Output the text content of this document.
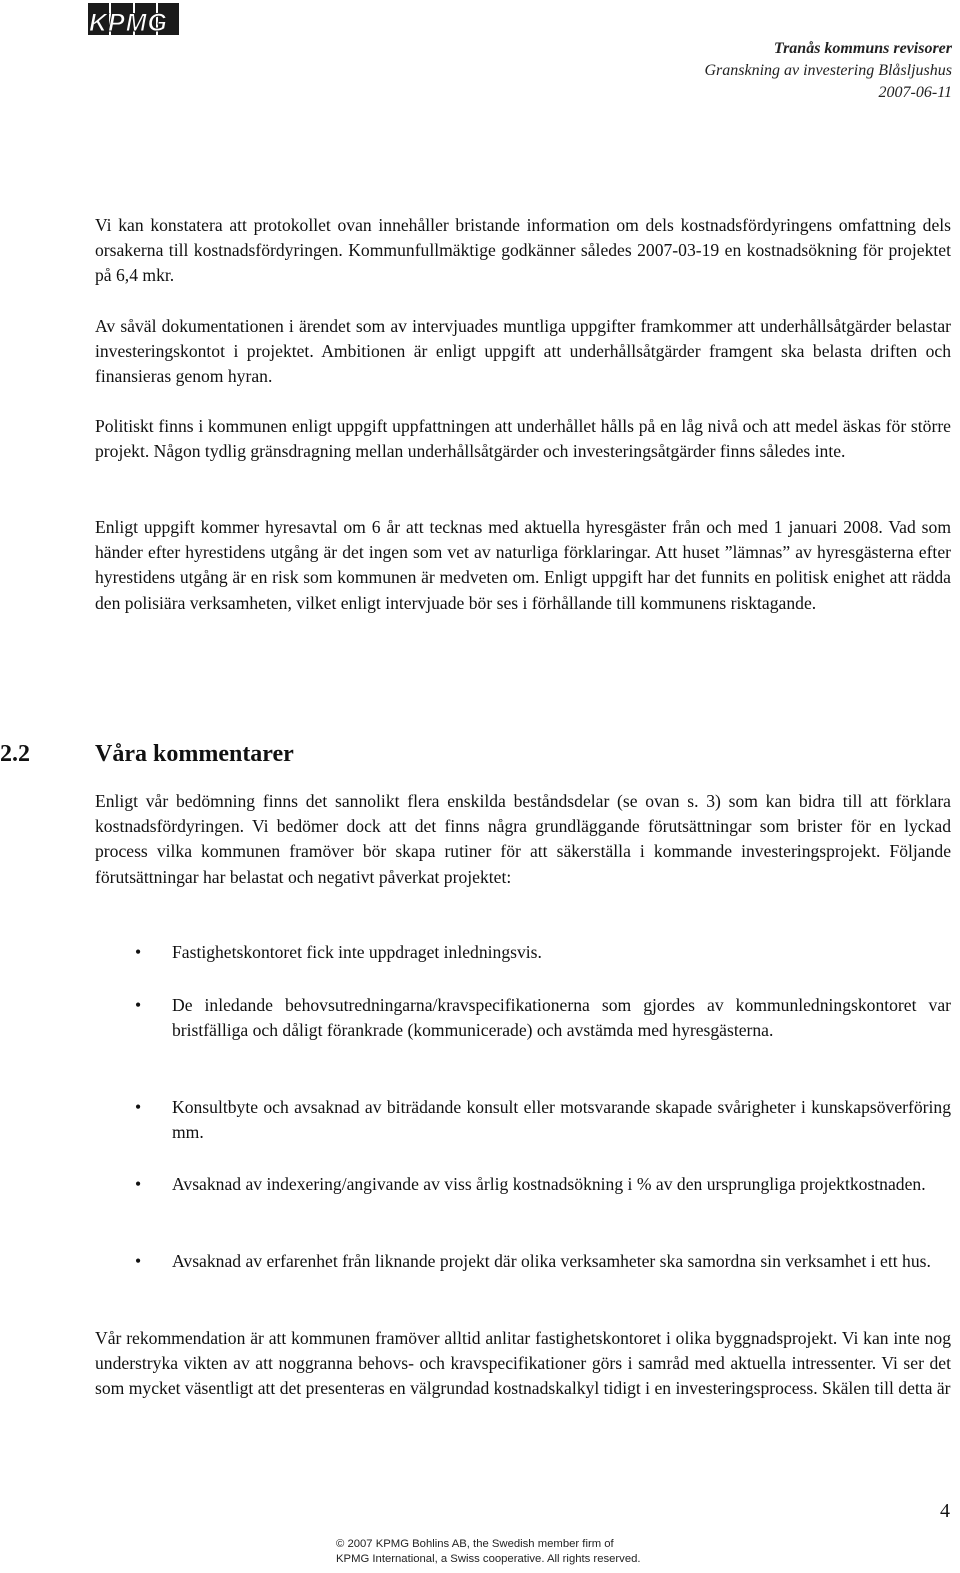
KPMG
Tranås kommuns revisorer
Granskning av investering Blåsljushus
2007-06-11

Vi kan konstatera att protokollet ovan innehåller bristande information om dels kostnadsfördyringens omfattning dels orsakerna till kostnadsfördyringen. Kommunfullmäktige godkänner således 2007-03-19 en kostnadsökning för projektet på 6,4 mkr.

Av såväl dokumentationen i ärendet som av intervjuades muntliga uppgifter framkommer att underhållsåtgärder belastar investeringskontot i projektet. Ambitionen är enligt uppgift att underhållsåtgärder framgent ska belasta driften och finansieras genom hyran.

Politiskt finns i kommunen enligt uppgift uppfattningen att underhållet hålls på en låg nivå och att medel äskas för större projekt. Någon tydlig gränsdragning mellan underhållsåtgärder och investeringsåtgärder finns således inte.

Enligt uppgift kommer hyresavtal om 6 år att tecknas med aktuella hyresgäster från och med 1 januari 2008. Vad som händer efter hyrestidens utgång är det ingen som vet av naturliga förklaringar. Att huset ”lämnas” av hyresgästerna efter hyrestidens utgång är en risk som kommunen är medveten om. Enligt uppgift har det funnits en politisk enighet att rädda den polisiära verksamheten, vilket enligt intervjuade bör ses i förhållande till kommunens risktagande.

2.2	Våra kommentarer

Enligt vår bedömning finns det sannolikt flera enskilda beståndsdelar (se ovan s. 3) som kan bidra till att förklara kostnadsfördyringen. Vi bedömer dock att det finns några grundläggande förutsättningar som brister för en lyckad process vilka kommunen framöver bör skapa rutiner för att säkerställa i kommande investeringsprojekt. Följande förutsättningar har belastat och negativt påverkat projektet:

• Fastighetskontoret fick inte uppdraget inledningsvis.

• De inledande behovsutredningarna/kravspecifikationerna som gjordes av kommunledningskontoret var bristfälliga och dåligt förankrade (kommunicerade) och avstämda med hyresgästerna.

• Konsultbyte och avsaknad av biträdande konsult eller motsvarande skapade svårigheter i kunskapsöverföring mm.

• Avsaknad av indexering/angivande av viss årlig kostnadsökning i % av den ursprungliga projektkostnaden.

• Avsaknad av erfarenhet från liknande projekt där olika verksamheter ska samordna sin verksamhet i ett hus.

Vår rekommendation är att kommunen framöver alltid anlitar fastighetskontoret i olika byggnadsprojekt. Vi kan inte nog understryka vikten av att noggranna behovs- och kravspecifikationer görs i samråd med aktuella intressenter. Vi ser det som mycket väsentligt att det presenteras en välgrundad kostnadskalkyl tidigt i en investeringsprocess. Skälen till detta är

4
© 2007 KPMG Bohlins AB, the Swedish member firm of
KPMG International, a Swiss cooperative. All rights reserved.
